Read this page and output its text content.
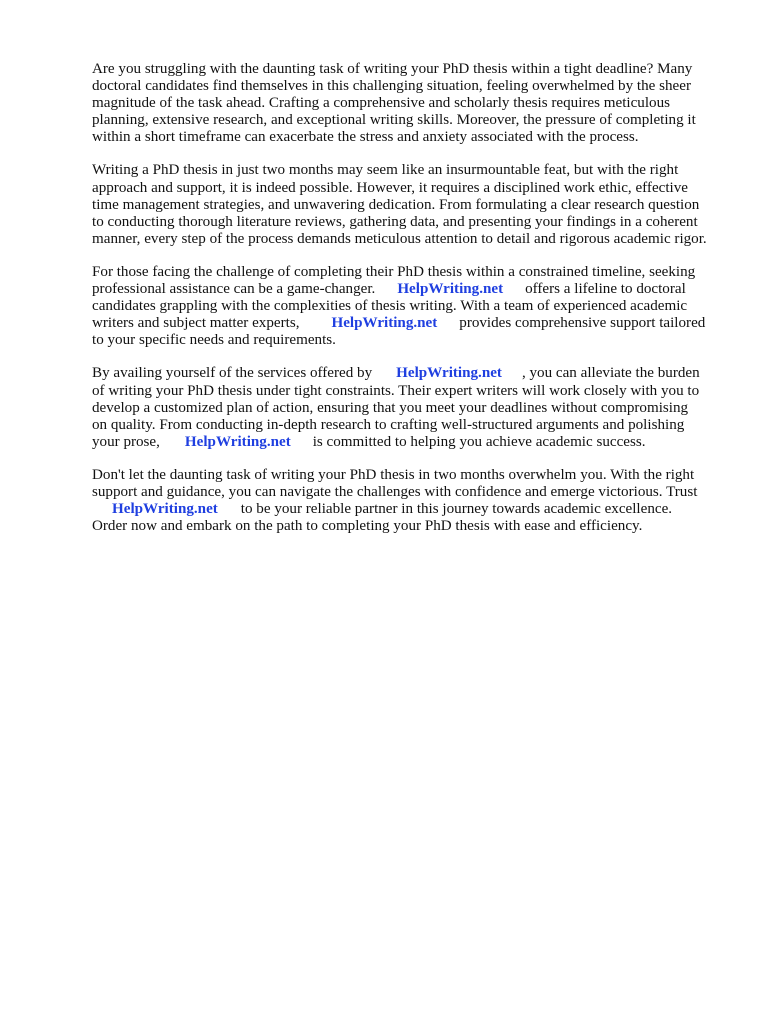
Are you struggling with the daunting task of writing your PhD thesis within a tight deadline? Many
doctoral candidates find themselves in this challenging situation, feeling overwhelmed by the sheer
magnitude of the task ahead. Crafting a comprehensive and scholarly thesis requires meticulous
planning, extensive research, and exceptional writing skills. Moreover, the pressure of completing it
within a short timeframe can exacerbate the stress and anxiety associated with the process.

Writing a PhD thesis in just two months may seem like an insurmountable feat, but with the right
approach and support, it is indeed possible. However, it requires a disciplined work ethic, effective
time management strategies, and unwavering dedication. From formulating a clear research question
to conducting thorough literature reviews, gathering data, and presenting your findings in a coherent
manner, every step of the process demands meticulous attention to detail and rigorous academic rigor.

For those facing the challenge of completing their PhD thesis within a constrained timeline, seeking
professional assistance can be a game-changer. HelpWriting.net offers a lifeline to doctoral
candidates grappling with the complexities of thesis writing. With a team of experienced academic
writers and subject matter experts, HelpWriting.net provides comprehensive support tailored
to your specific needs and requirements.

By availing yourself of the services offered by HelpWriting.net , you can alleviate the burden
of writing your PhD thesis under tight constraints. Their expert writers will work closely with you to
develop a customized plan of action, ensuring that you meet your deadlines without compromising
on quality. From conducting in-depth research to crafting well-structured arguments and polishing
your prose, HelpWriting.net is committed to helping you achieve academic success.

Don't let the daunting task of writing your PhD thesis in two months overwhelm you. With the right
support and guidance, you can navigate the challenges with confidence and emerge victorious. Trust
HelpWriting.net to be your reliable partner in this journey towards academic excellence.
Order now and embark on the path to completing your PhD thesis with ease and efficiency.
